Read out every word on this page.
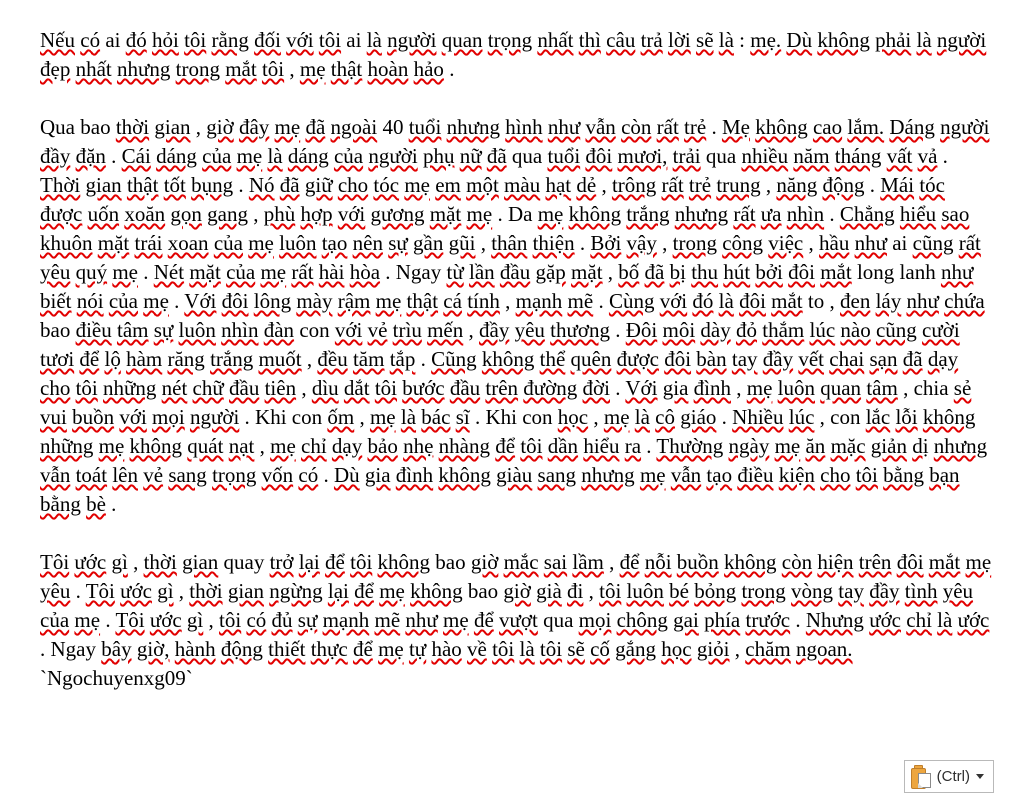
Nếu có ai đó hỏi tôi rằng đối với tôi ai là người quan trọng nhất thì câu trả lời sẽ là : mẹ. Dù không phải là người đẹp nhất nhưng trong mắt tôi , mẹ thật hoàn hảo .

Qua bao thời gian , giờ đây mẹ đã ngoài 40 tuổi nhưng hình như vẫn còn rất trẻ . Mẹ không cao lắm. Dáng người đầy đặn . Cái dáng của mẹ là dáng của người phụ nữ đã qua tuổi đôi mươi, trải qua nhiều năm tháng vất vả . Thời gian thật tốt bụng . Nó đã giữ cho tóc mẹ em một màu hạt dẻ , trông rất trẻ trung , năng động . Mái tóc được uốn xoăn gọn gang , phù hợp với gương mặt mẹ . Da mẹ không trắng nhưng rất ưa nhìn . Chẳng hiểu sao khuôn mặt trái xoan của mẹ luôn tạo nên sự gần gũi , thân thiện . Bởi vậy , trong công việc , hầu như ai cũng rất yêu quý mẹ . Nét mặt của mẹ rất hài hòa . Ngay từ lần đầu gặp mặt , bố đã bị thu hút bởi đôi mắt long lanh như biết nói của mẹ . Với đôi lông mày rậm mẹ thật cá tính , mạnh mẽ . Cùng với đó là đôi mắt to , đen láy như chứa bao điều tâm sự luôn nhìn đàn con với vẻ trìu mến , đầy yêu thương . Đôi môi dày đỏ thắm lúc nào cũng cười tươi để lộ hàm răng trắng muốt , đều tăm tắp . Cũng không thể quên được đôi bàn tay đầy vết chai sạn đã dạy cho tôi những nét chữ đầu tiên , dìu dắt tôi bước đầu trên đường đời . Với gia đình , mẹ luôn quan tâm , chia sẻ vui buồn với mọi người . Khi con ốm , mẹ là bác sĩ . Khi con học , mẹ là cô giáo . Nhiều lúc , con lắc lỗi không những mẹ không quát nạt , mẹ chỉ dạy bảo nhẹ nhàng để tôi dần hiểu ra . Thường ngày mẹ ăn mặc giản dị nhưng vẫn toát lên vẻ sang trọng vốn có . Dù gia đình không giàu sang nhưng mẹ vẫn tạo điều kiện cho tôi bằng bạn bằng bè .

Tôi ước gì , thời gian quay trở lại để tôi không bao giờ mắc sai lầm , để nỗi buồn không còn hiện trên đôi mắt mẹ yêu . Tôi ước gì , thời gian ngừng lại để mẹ không bao giờ già đi , tôi luôn bé bỏng trong vòng tay đầy tình yêu của mẹ . Tôi ước gì , tôi có đủ sự mạnh mẽ như mẹ để vượt qua mọi chông gai phía trước . Nhưng ước chỉ là ước . Ngay bây giờ, hành động thiết thực để mẹ tự hào về tôi là tôi sẽ cố gắng học giỏi , chăm ngoan. `Ngochuyenxg09`

(Ctrl)
